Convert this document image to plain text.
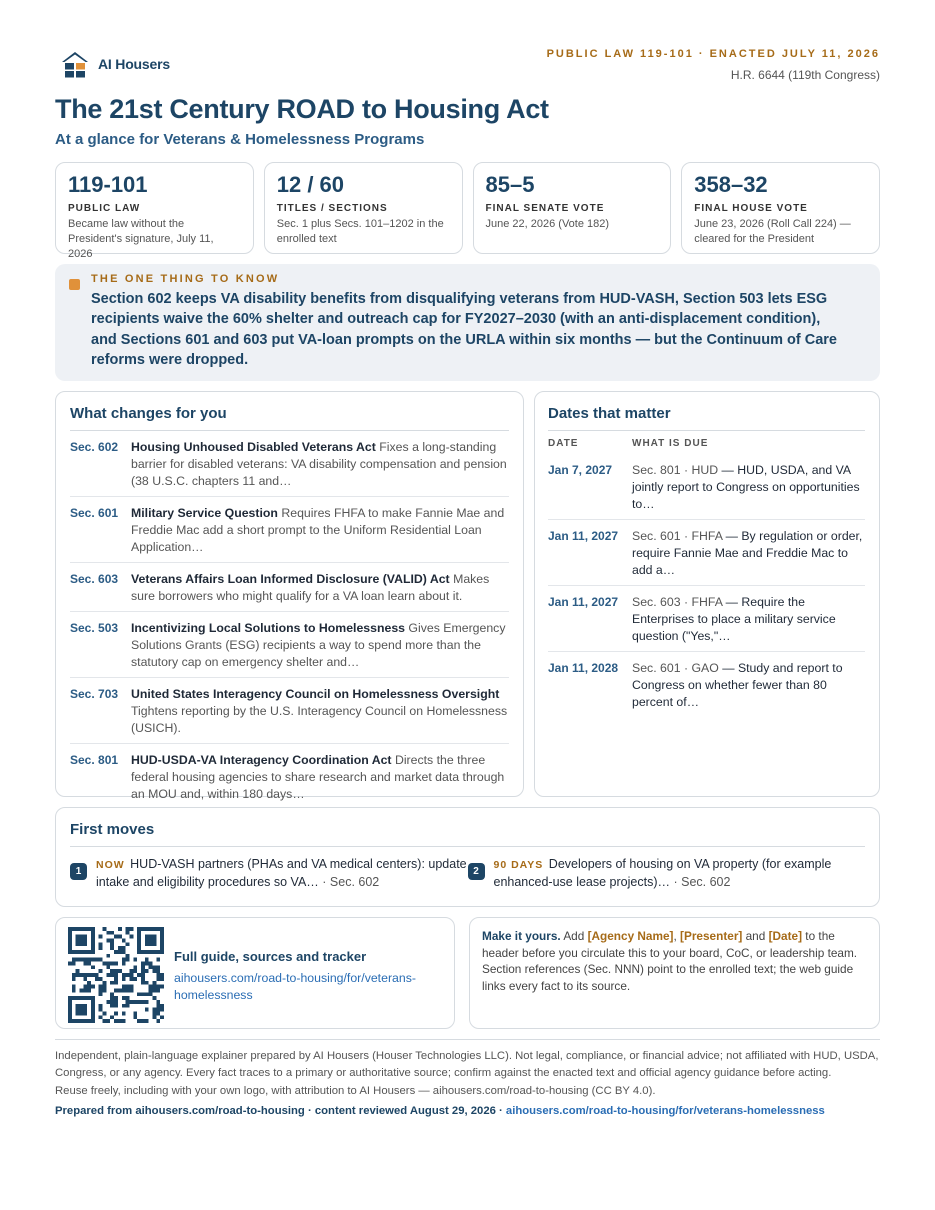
AI Housers
PUBLIC LAW 119-101 · ENACTED JULY 11, 2026
H.R. 6644 (119th Congress)
The 21st Century ROAD to Housing Act
At a glance for Veterans & Homelessness Programs
119-101
PUBLIC LAW
Became law without the President's signature, July 11, 2026
12 / 60
TITLES / SECTIONS
Sec. 1 plus Secs. 101–1202 in the enrolled text
85–5
FINAL SENATE VOTE
June 22, 2026 (Vote 182)
358–32
FINAL HOUSE VOTE
June 23, 2026 (Roll Call 224) — cleared for the President
THE ONE THING TO KNOW
Section 602 keeps VA disability benefits from disqualifying veterans from HUD-VASH, Section 503 lets ESG recipients waive the 60% shelter and outreach cap for FY2027–2030 (with an anti-displacement condition), and Sections 601 and 603 put VA-loan prompts on the URLA within six months — but the Continuum of Care reforms were dropped.
What changes for you
Sec. 602	Housing Unhoused Disabled Veterans Act Fixes a long-standing barrier for disabled veterans: VA disability compensation and pension (38 U.S.C. chapters 11 and…
Sec. 601	Military Service Question Requires FHFA to make Fannie Mae and Freddie Mac add a short prompt to the Uniform Residential Loan Application…
Sec. 603	Veterans Affairs Loan Informed Disclosure (VALID) Act Makes sure borrowers who might qualify for a VA loan learn about it.
Sec. 503	Incentivizing Local Solutions to Homelessness Gives Emergency Solutions Grants (ESG) recipients a way to spend more than the statutory cap on emergency shelter and…
Sec. 703	United States Interagency Council on Homelessness Oversight Tightens reporting by the U.S. Interagency Council on Homelessness (USICH).
Sec. 801	HUD-USDA-VA Interagency Coordination Act Directs the three federal housing agencies to share research and market data through an MOU and, within 180 days…
Dates that matter
DATE	WHAT IS DUE
Jan 7, 2027	Sec. 801 · HUD — HUD, USDA, and VA jointly report to Congress on opportunities to…
Jan 11, 2027	Sec. 601 · FHFA — By regulation or order, require Fannie Mae and Freddie Mac to add a…
Jan 11, 2027	Sec. 603 · FHFA — Require the Enterprises to place a military service question ("Yes,"…
Jan 11, 2028	Sec. 601 · GAO — Study and report to Congress on whether fewer than 80 percent of…
First moves
1
NOW HUD-VASH partners (PHAs and VA medical centers): update intake and eligibility procedures so VA… · Sec. 602
2
90 DAYS Developers of housing on VA property (for example enhanced-use lease projects)… · Sec. 602
Full guide, sources and tracker
aihousers.com/road-to-housing/for/veterans-homelessness
Make it yours. Add [Agency Name], [Presenter] and [Date] to the header before you circulate this to your board, CoC, or leadership team. Section references (Sec. NNN) point to the enrolled text; the web guide links every fact to its source.

Independent, plain-language explainer prepared by AI Housers (Houser Technologies LLC). Not legal, compliance, or financial advice; not affiliated with HUD, USDA, Congress, or any agency. Every fact traces to a primary or authoritative source; confirm against the enacted text and official agency guidance before acting.

Reuse freely, including with your own logo, with attribution to AI Housers — aihousers.com/road-to-housing (CC BY 4.0).

Prepared from aihousers.com/road-to-housing · content reviewed August 29, 2026 · aihousers.com/road-to-housing/for/veterans-homelessness
